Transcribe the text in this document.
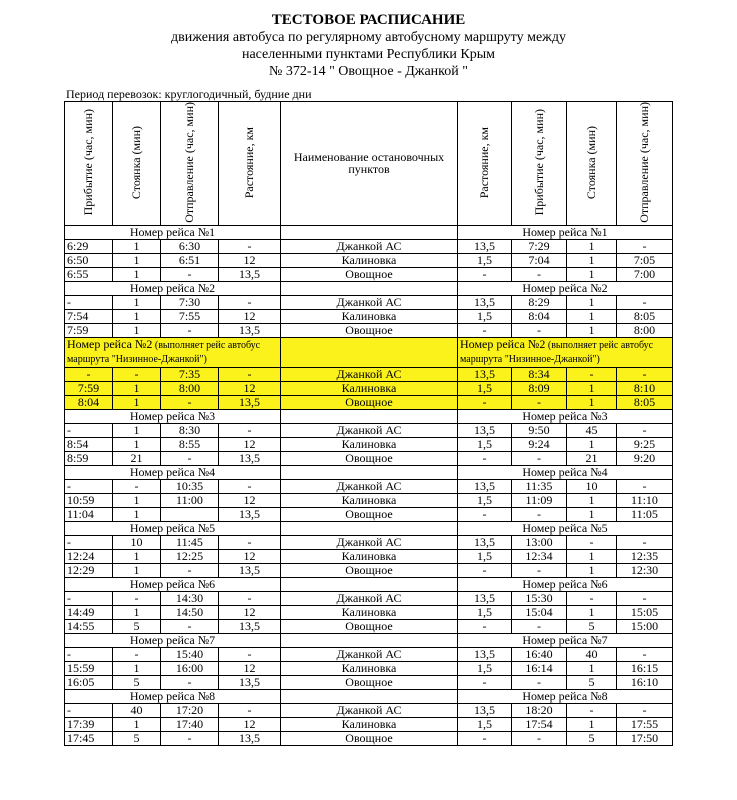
ТЕСТОВОЕ РАСПИСАНИЕ
движения автобуса по регулярному автобусному маршруту между
населенными пунктами Республики Крым
№ 372-14 " Овощное - Джанкой "
Период перевозок: круглогодичный, будние дни
Прибытие (час, мин)	Стоянка (мин)	Отправление (час, мин)	Растояние, км	Наименование остановочных пунктов	Растояние, км	Прибытие (час, мин)	Стоянка (мин)	Отправление (час, мин)
Номер рейса №1					Номер рейса №1			
6:29	1	6:30	-	Джанкой АС	13,5	7:29	1	-
6:50	1	6:51	12	Калиновка	1,5	7:04	1	7:05
6:55	1	-	13,5	Овощное	-	-	1	7:00
Номер рейса №2					Номер рейса №2			
-	1	7:30	-	Джанкой АС	13,5	8:29	1	-
7:54	1	7:55	12	Калиновка	1,5	8:04	1	8:05
7:59	1	-	13,5	Овощное	-	-	1	8:00
Номер рейса №2 (выполняет рейс автобус маршрута "Низинное-Джанкой")					Номер рейса №2 (выполняет рейс автобус маршрута "Низинное-Джанкой")			
-	-	7:35	-	Джанкой АС	13,5	8:34	-	-
7:59	1	8:00	12	Калиновка	1,5	8:09	1	8:10
8:04	1	-	13,5	Овощное	-	-	1	8:05
Номер рейса №3					Номер рейса №3			
-	1	8:30	-	Джанкой АС	13,5	9:50	45	-
8:54	1	8:55	12	Калиновка	1,5	9:24	1	9:25
8:59	21	-	13,5	Овощное	-	-	21	9:20
Номер рейса №4					Номер рейса №4			
-	-	10:35	-	Джанкой АС	13,5	11:35	10	-
10:59	1	11:00	12	Калиновка	1,5	11:09	1	11:10
11:04	1		13,5	Овощное	-	-	1	11:05
Номер рейса №5					Номер рейса №5			
-	10	11:45	-	Джанкой АС	13,5	13:00	-	-
12:24	1	12:25	12	Калиновка	1,5	12:34	1	12:35
12:29	1	-	13,5	Овощное	-	-	1	12:30
Номер рейса №6					Номер рейса №6			
-	-	14:30	-	Джанкой АС	13,5	15:30	-	-
14:49	1	14:50	12	Калиновка	1,5	15:04	1	15:05
14:55	5	-	13,5	Овощное	-	-	5	15:00
Номер рейса №7					Номер рейса №7			
-	-	15:40	-	Джанкой АС	13,5	16:40	40	-
15:59	1	16:00	12	Калиновка	1,5	16:14	1	16:15
16:05	5	-	13,5	Овощное	-	-	5	16:10
Номер рейса №8					Номер рейса №8			
-	40	17:20	-	Джанкой АС	13,5	18:20	-	-
17:39	1	17:40	12	Калиновка	1,5	17:54	1	17:55
17:45	5	-	13,5	Овощное	-	-	5	17:50
